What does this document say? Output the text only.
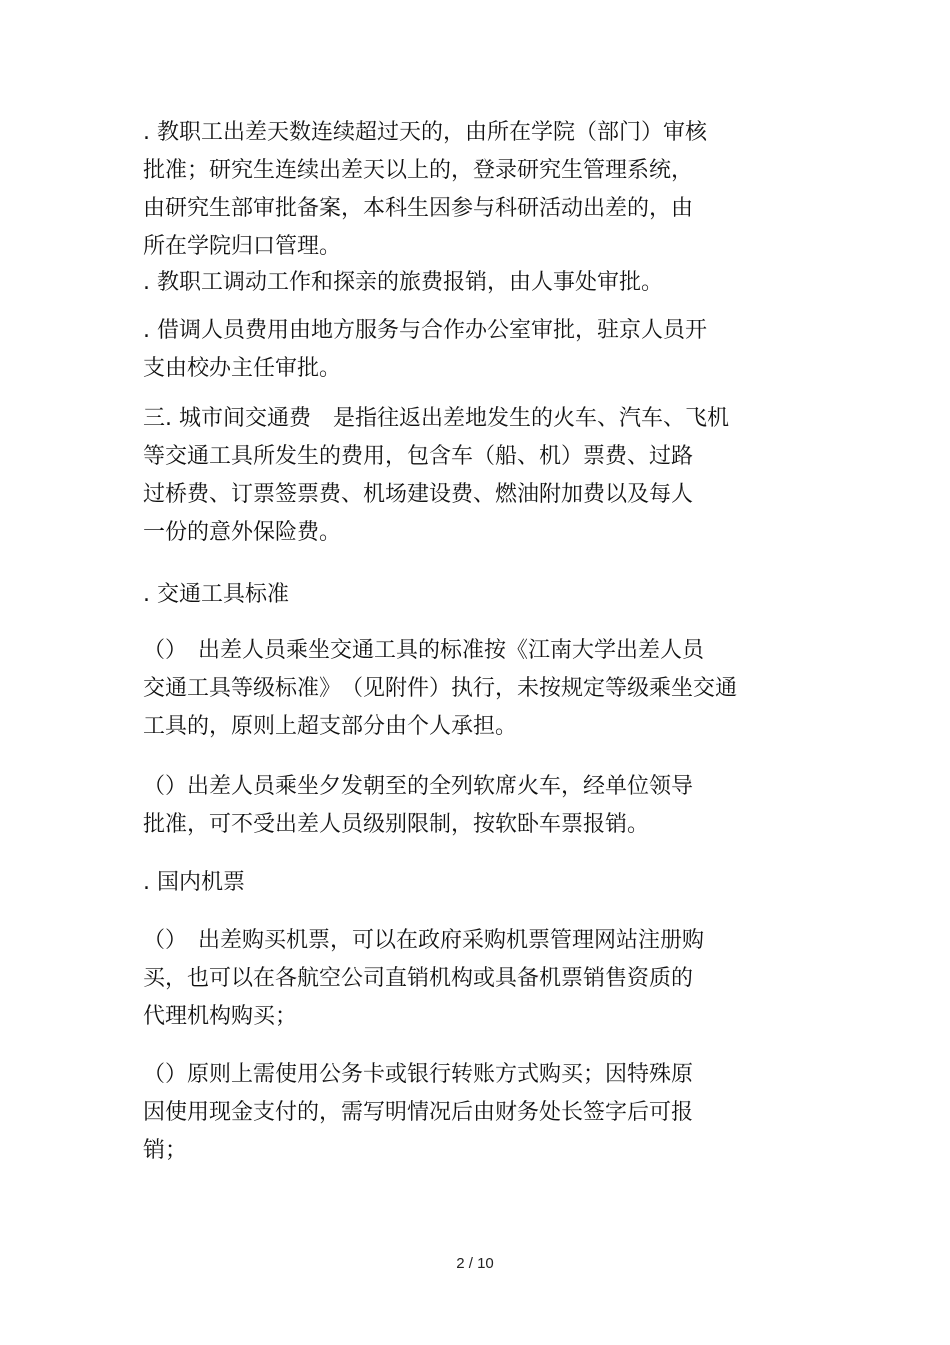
. 教职工出差天数连续超过天的，由所在学院（部门）审核
批准；研究生连续出差天以上的，登录研究生管理系统，
由研究生部审批备案，本科生因参与科研活动出差的，由
所在学院归口管理。
. 教职工调动工作和探亲的旅费报销，由人事处审批。
. 借调人员费用由地方服务与合作办公室审批，驻京人员开
支由校办主任审批。
三. 城市间交通费　是指往返出差地发生的火车、汽车、飞机
等交通工具所发生的费用，包含车（船、机）票费、过路
过桥费、订票签票费、机场建设费、燃油附加费以及每人
一份的意外保险费。
. 交通工具标准
（）　出差人员乘坐交通工具的标准按《江南大学出差人员
交通工具等级标准》　（见附件）执行，未按规定等级乘坐交通
工具的，原则上超支部分由个人承担。
（）出差人员乘坐夕发朝至的全列软席火车，经单位领导
批准，可不受出差人员级别限制，按软卧车票报销。
. 国内机票
（）　出差购买机票，可以在政府采购机票管理网站注册购
买，也可以在各航空公司直销机构或具备机票销售资质的
代理机构购买；
（）原则上需使用公务卡或银行转账方式购买；因特殊原
因使用现金支付的，需写明情况后由财务处长签字后可报
销；
2 / 10
